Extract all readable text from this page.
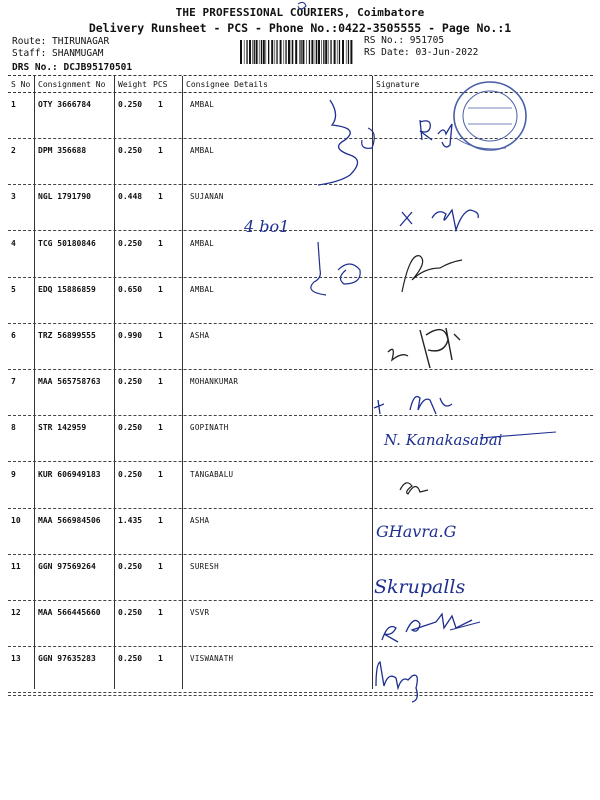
THE PROFESSIONAL COURIERS, Coimbatore
Delivery Runsheet - PCS - Phone No.:0422-3505555 - Page No.:1
Route: THIRUNAGAR
Staff: SHANMUGAM
DRS No.: DCJB95170501
RS No.: 951705
RS Date: 03-Jun-2022
S No Consignment No Weight PCS Consignee Details	Signature
1	OTY 3666784	0.250 1	AMBAL
2	DPM 356688	0.250 1	AMBAL
3	NGL 1791790	0.448 1	SUJANAN
4	TCG 50180846	0.250 1	AMBAL
5	EDQ 15886859	0.650 1	AMBAL
6	TRZ 56899555	0.990 1	ASHA
7	MAA 565758763 0.250 1	MOHANKUMAR
8	STR 142959	0.250 1	GOPINATH
9	KUR 606949183 0.250 1	TANGABALU
10 MAA 566984506 1.435 1	ASHA
11 GGN 97569264	0.250 1	SURESH
12 MAA 566445660 0.250 1	VSVR
13 GGN 97635283	0.250 1	VISWANATH
N. Kanakasabai
GHavra.G
Skrupalls
4 bo1
